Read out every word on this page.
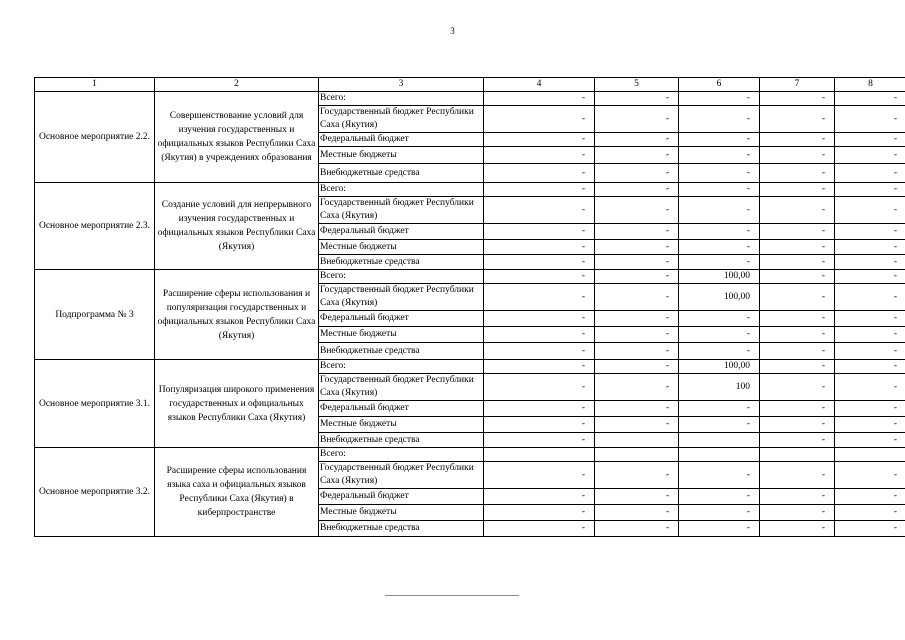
3
1	2	3	4	5	6	7	8
Основное мероприятие 2.2.	Совершенствование условий для изучения государственных и официальных языков Республики Саха (Якутия) в учреждениях образования	Всего:	-	-	-	-	-
		Государственный бюджет Республики Саха (Якутия)	-	-	-	-	-
		Федеральный бюджет	-	-	-	-	-
		Местные бюджеты	-	-	-	-	-
		Внебюджетные средства	-	-	-	-	-
Основное мероприятие 2.3.	Создание условий для непрерывного изучения государственных и официальных языков Республики Саха (Якутия)	Всего:	-	-	-	-	-
		Государственный бюджет Республики Саха (Якутия)	-	-	-	-	-
		Федеральный бюджет	-	-	-	-	-
		Местные бюджеты	-	-	-	-	-
		Внебюджетные средства	-	-	-	-	-
Подпрограмма № 3	Расширение сферы использования и популяризация государственных и официальных языков Республики Саха (Якутия)	Всего:	-	-	100,00	-	-
		Государственный бюджет Республики Саха (Якутия)	-	-	100,00	-	-
		Федеральный бюджет	-	-	-	-	-
		Местные бюджеты	-	-	-	-	-
		Внебюджетные средства	-	-	-	-	-
Основное мероприятие 3.1.	Популяризация широкого применения государственных и официальных языков Республики Саха (Якутия)	Всего:	-	-	100,00	-	-
		Государственный бюджет Республики Саха (Якутия)	-	-	100	-	-
		Федеральный бюджет	-	-	-	-	-
		Местные бюджеты	-	-	-	-	-
		Внебюджетные средства	-			-	-
Основное мероприятие 3.2.	Расширение сферы использования языка саха и официальных языков Республики Саха (Якутия) в киберпространстве	Всего:					
		Государственный бюджет Республики Саха (Якутия)	-	-	-	-	-
		Федеральный бюджет	-	-	-	-	-
		Местные бюджеты	-	-	-	-	-
		Внебюджетные средства	-	-	-	-	-
